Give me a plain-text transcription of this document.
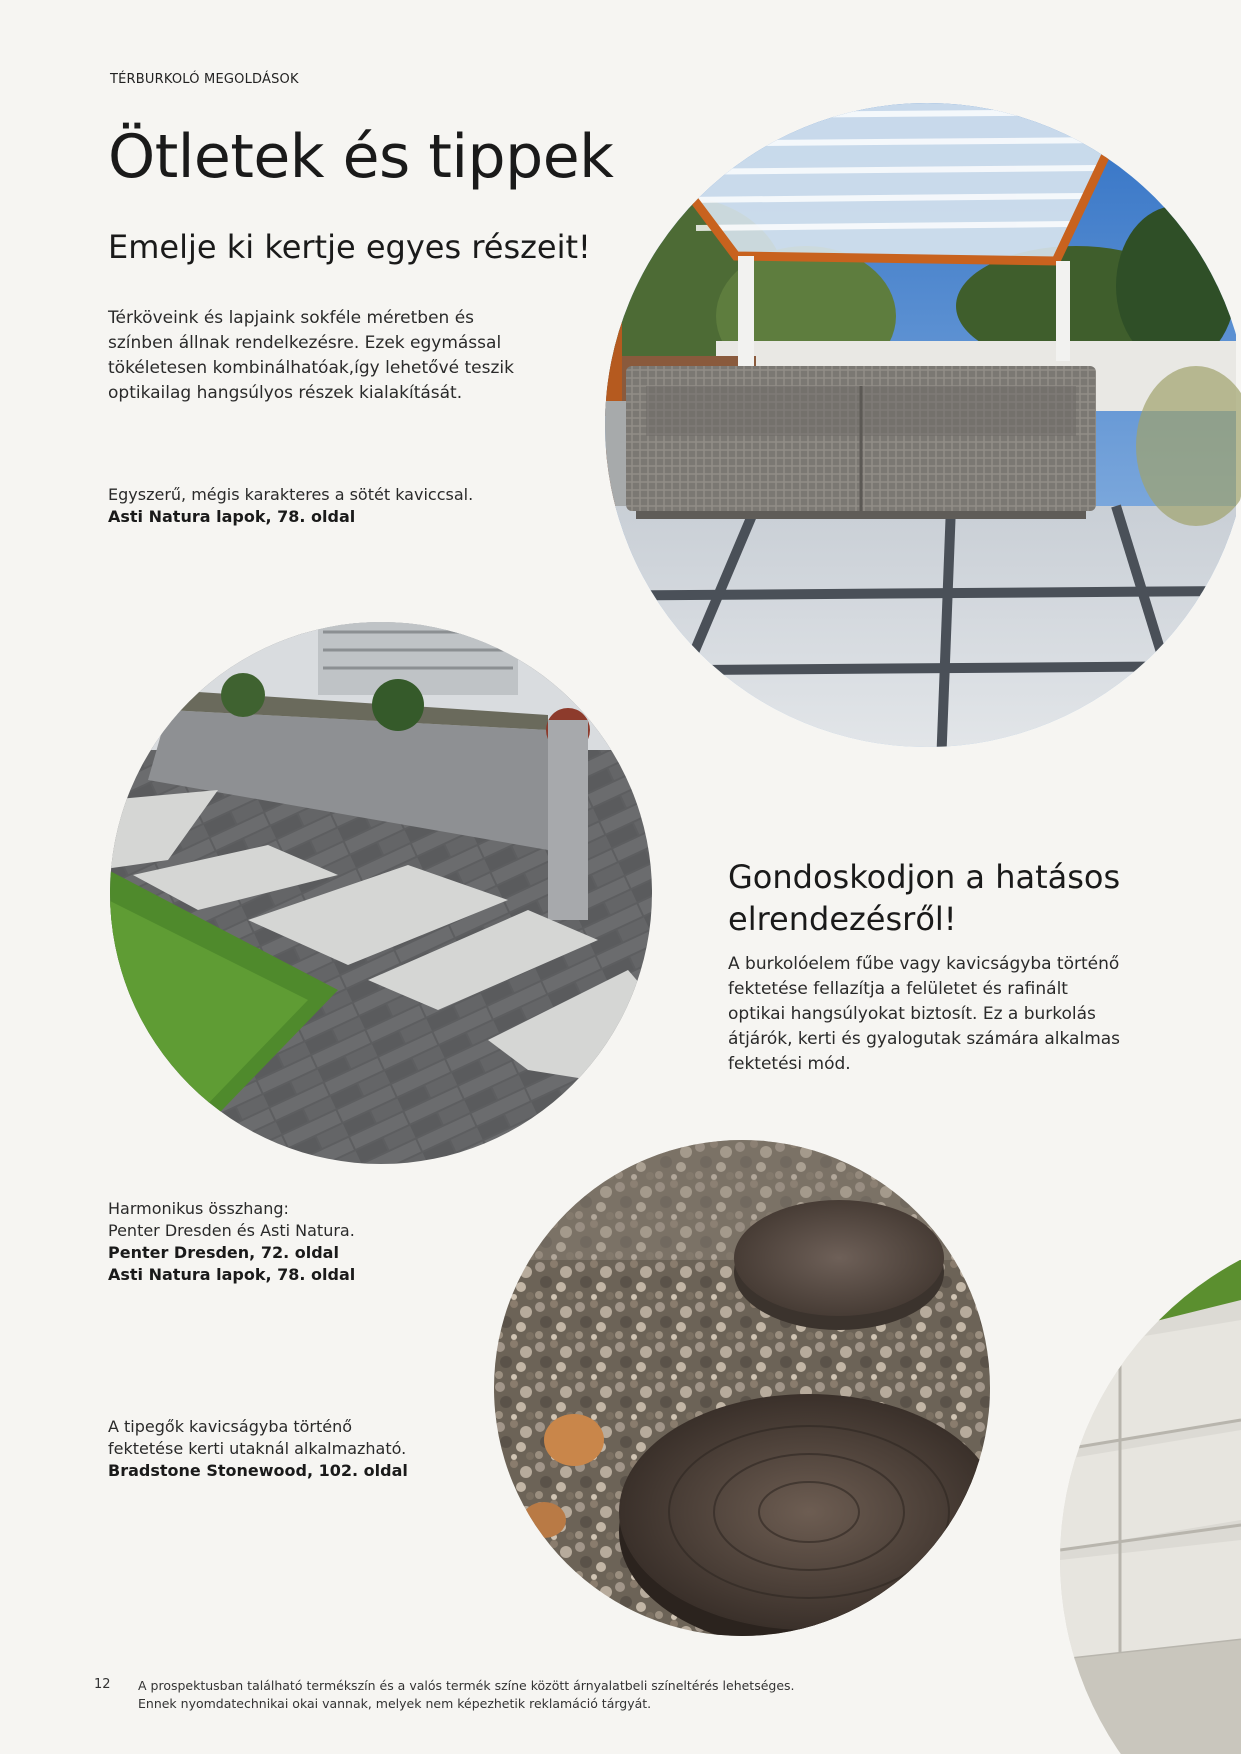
TÉRBURKOLÓ MEGOLDÁSOK
Ötletek és tippek
Emelje ki kertje egyes részeit!

Térköveink és lapjaink sokféle méretben és színben állnak rendelkezésre. Ezek egymással tökéletesen kombinálhatóak,így lehetővé teszik optikailag hangsúlyos részek kialakítását.

Egyszerű, mégis karakteres a sötét kaviccsal.
Asti Natura lapok, 78. oldal
Gondoskodjon a hatásos elrendezésről!

A burkolóelem fűbe vagy kavicságyba történő fektetése fellazítja a felületet és rafinált optikai hangsúlyokat biztosít. Ez a burkolás átjárók, kerti és gyalogutak számára alkalmas fektetési mód.

Harmonikus összhang:
Penter Dresden és Asti Natura.
Penter Dresden, 72. oldal
Asti Natura lapok, 78. oldal
A tipegők kavicságyba történő
fektetése kerti utaknál alkalmazható.
Bradstone Stonewood, 102. oldal
12 A prospektusban található termékszín és a valós termék színe között árnyalatbeli színeltérés lehetséges.
Ennek nyomdatechnikai okai vannak, melyek nem képezhetik reklamáció tárgyát.
